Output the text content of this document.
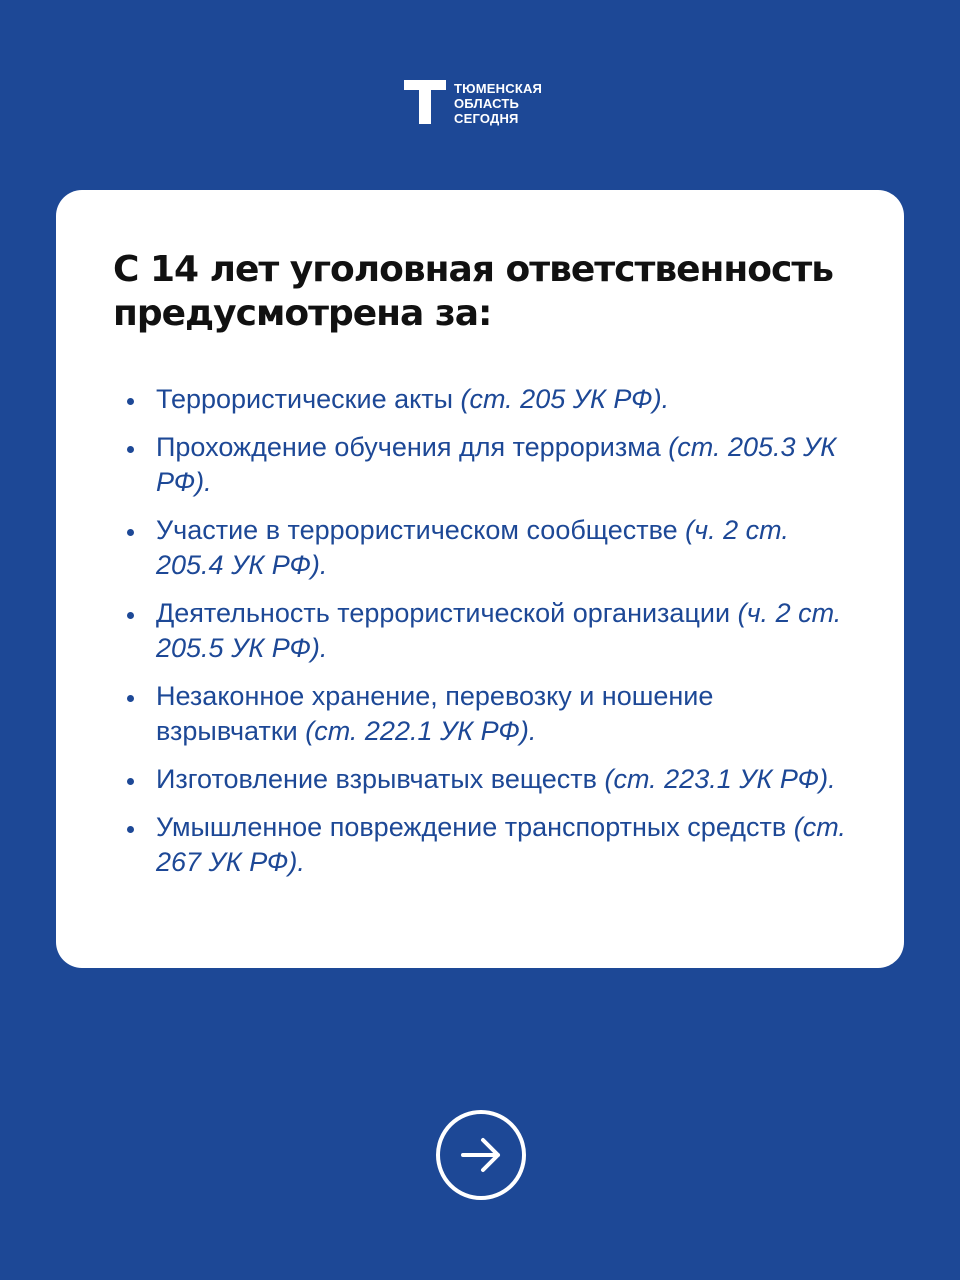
ТЮМЕНСКАЯ
ОБЛАСТЬ
СЕГОДНЯ
С 14 лет уголовная ответственность предусмотрена за:
Террористические акты (ст. 205 УК РФ).
Прохождение обучения для терроризма (ст. 205.3 УК РФ).
Участие в террористическом сообществе (ч. 2 ст. 205.4 УК РФ).
Деятельность террористической организации (ч. 2 ст. 205.5 УК РФ).
Незаконное хранение, перевозку и ношение взрывчатки (ст. 222.1 УК РФ).
Изготовление взрывчатых веществ (ст. 223.1 УК РФ).
Умышленное повреждение транспортных средств (ст. 267 УК РФ).
